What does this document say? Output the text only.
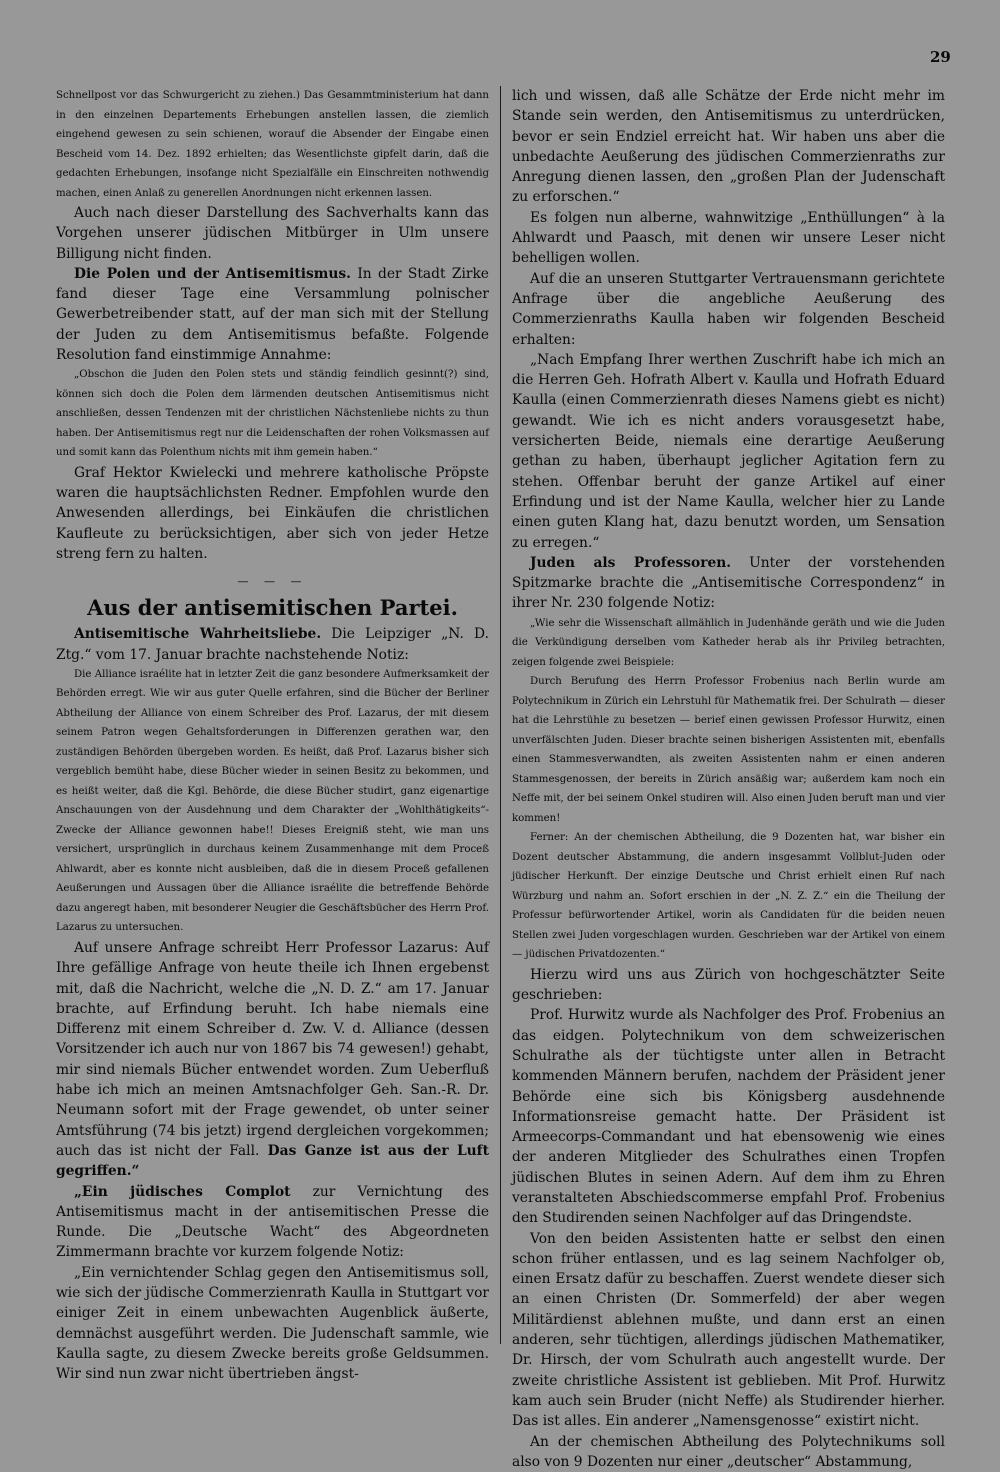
29

Schnellpost vor das Schwurgericht zu ziehen.) Das Gesammtministerium hat dann in den einzelnen Departements Erhebungen anstellen lassen, die ziemlich eingehend gewesen zu sein schienen, worauf die Absender der Eingabe einen Bescheid vom 14. Dez. 1892 erhielten; das Wesentlichste gipfelt darin, daß die gedachten Erhebungen, insofange nicht Spezialfälle ein Einschreiten nothwendig machen, einen Anlaß zu generellen Anordnungen nicht erkennen lassen.

Auch nach dieser Darstellung des Sachverhalts kann das Vorgehen unserer jüdischen Mitbürger in Ulm unsere Billigung nicht finden.

Die Polen und der Antisemitismus. In der Stadt Zirke fand dieser Tage eine Versammlung polnischer Gewerbetreibender statt, auf der man sich mit der Stellung der Juden zu dem Antisemitismus befaßte. Folgende Resolution fand einstimmige Annahme:

„Obschon die Juden den Polen stets und ständig feindlich gesinnt(?) sind, können sich doch die Polen dem lärmenden deutschen Antisemitismus nicht anschließen, dessen Tendenzen mit der christlichen Nächstenliebe nichts zu thun haben. Der Antisemitismus regt nur die Leidenschaften der rohen Volksmassen auf und somit kann das Polenthum nichts mit ihm gemein haben.“

Graf Hektor Kwielecki und mehrere katholische Pröpste waren die hauptsächlichsten Redner. Empfohlen wurde den Anwesenden allerdings, bei Einkäufen die christlichen Kaufleute zu berücksichtigen, aber sich von jeder Hetze streng fern zu halten.

— — —
Aus der antisemitischen Partei.

Antisemitische Wahrheitsliebe. Die Leipziger „N. D. Ztg.“ vom 17. Januar brachte nachstehende Notiz:

Die Alliance israélite hat in letzter Zeit die ganz besondere Aufmerksamkeit der Behörden erregt. Wie wir aus guter Quelle erfahren, sind die Bücher der Berliner Abtheilung der Alliance von einem Schreiber des Prof. Lazarus, der mit diesem seinem Patron wegen Gehaltsforderungen in Differenzen gerathen war, den zuständigen Behörden übergeben worden. Es heißt, daß Prof. Lazarus bisher sich vergeblich bemüht habe, diese Bücher wieder in seinen Besitz zu bekommen, und es heißt weiter, daß die Kgl. Behörde, die diese Bücher studirt, ganz eigenartige Anschauungen von der Ausdehnung und dem Charakter der „Wohlthätigkeits“-Zwecke der Alliance gewonnen habe!! Dieses Ereigniß steht, wie man uns versichert, ursprünglich in durchaus keinem Zusammenhange mit dem Proceß Ahlwardt, aber es konnte nicht ausbleiben, daß die in diesem Proceß gefallenen Aeußerungen und Aussagen über die Alliance israélite die betreffende Behörde dazu angeregt haben, mit besonderer Neugier die Geschäftsbücher des Herrn Prof. Lazarus zu untersuchen.

Auf unsere Anfrage schreibt Herr Professor Lazarus: Auf Ihre gefällige Anfrage von heute theile ich Ihnen ergebenst mit, daß die Nachricht, welche die „N. D. Z.“ am 17. Januar brachte, auf Erfindung beruht. Ich habe niemals eine Differenz mit einem Schreiber d. Zw. V. d. Alliance (dessen Vorsitzender ich auch nur von 1867 bis 74 gewesen!) gehabt, mir sind niemals Bücher entwendet worden. Zum Ueberfluß habe ich mich an meinen Amtsnachfolger Geh. San.-R. Dr. Neumann sofort mit der Frage gewendet, ob unter seiner Amtsführung (74 bis jetzt) irgend dergleichen vorgekommen; auch das ist nicht der Fall. Das Ganze ist aus der Luft gegriffen.“

„Ein jüdisches Complot zur Vernichtung des Antisemitismus macht in der antisemitischen Presse die Runde. Die „Deutsche Wacht“ des Abgeordneten Zimmermann brachte vor kurzem folgende Notiz:

„Ein vernichtender Schlag gegen den Antisemitismus soll, wie sich der jüdische Commerzienrath Kaulla in Stuttgart vor einiger Zeit in einem unbewachten Augenblick äußerte, demnächst ausgeführt werden. Die Judenschaft sammle, wie Kaulla sagte, zu diesem Zwecke bereits große Geldsummen. Wir sind nun zwar nicht übertrieben ängst-

lich und wissen, daß alle Schätze der Erde nicht mehr im Stande sein werden, den Antisemitismus zu unterdrücken, bevor er sein Endziel erreicht hat. Wir haben uns aber die unbedachte Aeußerung des jüdischen Commerzienraths zur Anregung dienen lassen, den „großen Plan der Judenschaft zu erforschen.“

Es folgen nun alberne, wahnwitzige „Enthüllungen“ à la Ahlwardt und Paasch, mit denen wir unsere Leser nicht behelligen wollen.

Auf die an unseren Stuttgarter Vertrauensmann gerichtete Anfrage über die angebliche Aeußerung des Commerzienraths Kaulla haben wir folgenden Bescheid erhalten:

„Nach Empfang Ihrer werthen Zuschrift habe ich mich an die Herren Geh. Hofrath Albert v. Kaulla und Hofrath Eduard Kaulla (einen Commerzienrath dieses Namens giebt es nicht) gewandt. Wie ich es nicht anders vorausgesetzt habe, versicherten Beide, niemals eine derartige Aeußerung gethan zu haben, überhaupt jeglicher Agitation fern zu stehen. Offenbar beruht der ganze Artikel auf einer Erfindung und ist der Name Kaulla, welcher hier zu Lande einen guten Klang hat, dazu benutzt worden, um Sensation zu erregen.“

Juden als Professoren. Unter der vorstehenden Spitzmarke brachte die „Antisemitische Correspondenz“ in ihrer Nr. 230 folgende Notiz:

„Wie sehr die Wissenschaft allmählich in Judenhände geräth und wie die Juden die Verkündigung derselben vom Katheder herab als ihr Privileg betrachten, zeigen folgende zwei Beispiele:

Durch Berufung des Herrn Professor Frobenius nach Berlin wurde am Polytechnikum in Zürich ein Lehrstuhl für Mathematik frei. Der Schulrath — dieser hat die Lehrstühle zu besetzen — berief einen gewissen Professor Hurwitz, einen unverfälschten Juden. Dieser brachte seinen bisherigen Assistenten mit, ebenfalls einen Stammesverwandten, als zweiten Assistenten nahm er einen anderen Stammesgenossen, der bereits in Zürich ansäßig war; außerdem kam noch ein Neffe mit, der bei seinem Onkel studiren will. Also einen Juden beruft man und vier kommen!

Ferner: An der chemischen Abtheilung, die 9 Dozenten hat, war bisher ein Dozent deutscher Abstammung, die andern insgesammt Vollblut-Juden oder jüdischer Herkunft. Der einzige Deutsche und Christ erhielt einen Ruf nach Würzburg und nahm an. Sofort erschien in der „N. Z. Z.“ ein die Theilung der Professur befürwortender Artikel, worin als Candidaten für die beiden neuen Stellen zwei Juden vorgeschlagen wurden. Geschrieben war der Artikel von einem — jüdischen Privatdozenten.“

Hierzu wird uns aus Zürich von hochgeschätzter Seite geschrieben:

Prof. Hurwitz wurde als Nachfolger des Prof. Frobenius an das eidgen. Polytechnikum von dem schweizerischen Schulrathe als der tüchtigste unter allen in Betracht kommenden Männern berufen, nachdem der Präsident jener Behörde eine sich bis Königsberg ausdehnende Informationsreise gemacht hatte. Der Präsident ist Armeecorps-Commandant und hat ebensowenig wie eines der anderen Mitglieder des Schulrathes einen Tropfen jüdischen Blutes in seinen Adern. Auf dem ihm zu Ehren veranstalteten Abschiedscommerse empfahl Prof. Frobenius den Studirenden seinen Nachfolger auf das Dringendste.

Von den beiden Assistenten hatte er selbst den einen schon früher entlassen, und es lag seinem Nachfolger ob, einen Ersatz dafür zu beschaffen. Zuerst wendete dieser sich an einen Christen (Dr. Sommerfeld) der aber wegen Militärdienst ablehnen mußte, und dann erst an einen anderen, sehr tüchtigen, allerdings jüdischen Mathematiker, Dr. Hirsch, der vom Schulrath auch angestellt wurde. Der zweite christliche Assistent ist geblieben. Mit Prof. Hurwitz kam auch sein Bruder (nicht Neffe) als Studirender hierher. Das ist alles. Ein anderer „Namensgenosse“ existirt nicht.

An der chemischen Abtheilung des Polytechnikums soll also von 9 Dozenten nur einer „deutscher“ Abstammung,
